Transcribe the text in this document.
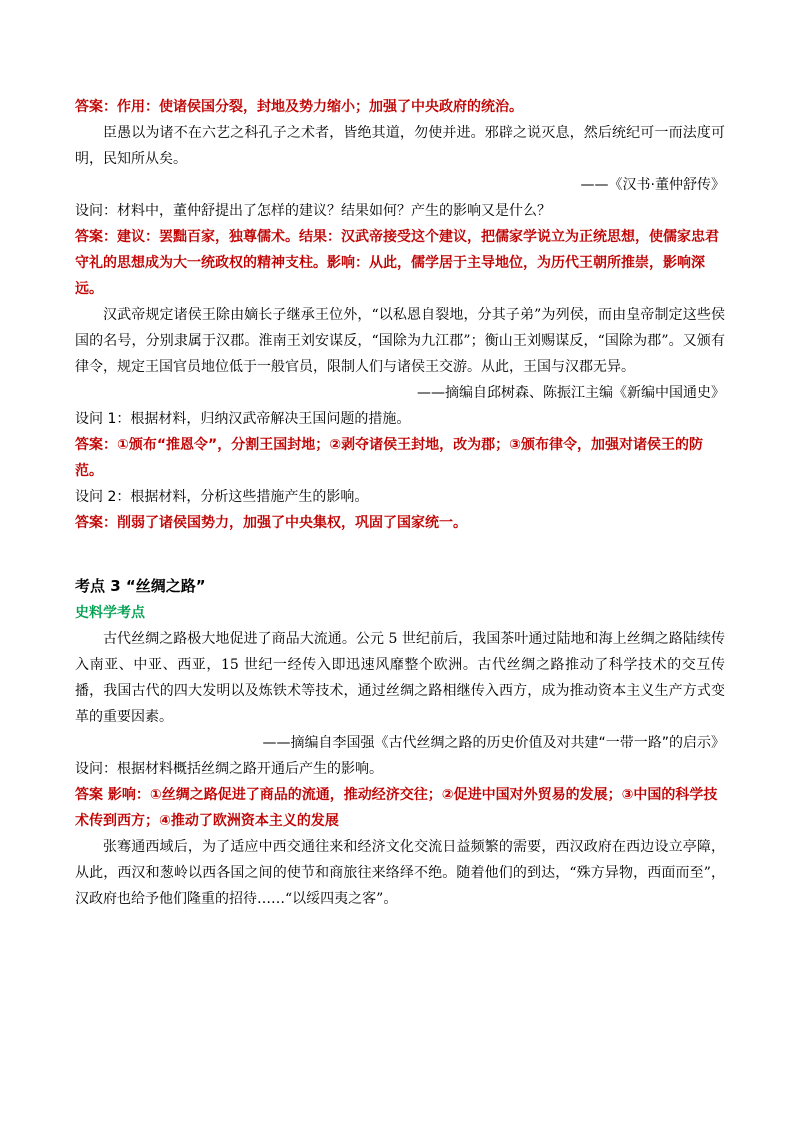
答案：作用：使诸侯国分裂，封地及势力缩小；加强了中央政府的统治。

臣愚以为诸不在六艺之科孔子之术者，皆绝其道，勿使并进。邪辟之说灭息，然后统纪可一而法度可明，民知所从矣。

——《汉书·董仲舒传》

设问：材料中，董仲舒提出了怎样的建议？结果如何？产生的影响又是什么？

答案：建议：罢黜百家，独尊儒术。结果：汉武帝接受这个建议，把儒家学说立为正统思想，使儒家忠君守礼的思想成为大一统政权的精神支柱。影响：从此，儒学居于主导地位，为历代王朝所推崇，影响深远。

汉武帝规定诸侯王除由嫡长子继承王位外，“以私恩自裂地，分其子弟”为列侯，而由皇帝制定这些侯国的名号，分别隶属于汉郡。淮南王刘安谋反，“国除为九江郡”；衡山王刘赐谋反，“国除为郡”。又颁有律令，规定王国官员地位低于一般官员，限制人们与诸侯王交游。从此，王国与汉郡无异。

——摘编自邱树森、陈振江主编《新编中国通史》

设问 1：根据材料，归纳汉武帝解决王国问题的措施。

答案：①颁布“推恩令”，分割王国封地；②剥夺诸侯王封地，改为郡；③颁布律令，加强对诸侯王的防范。

设问 2：根据材料，分析这些措施产生的影响。

答案：削弱了诸侯国势力，加强了中央集权，巩固了国家统一。

考点 3 “丝绸之路”

史料学考点

古代丝绸之路极大地促进了商品大流通。公元 5 世纪前后，我国茶叶通过陆地和海上丝绸之路陆续传入南亚、中亚、西亚，15 世纪一经传入即迅速风靡整个欧洲。古代丝绸之路推动了科学技术的交互传播，我国古代的四大发明以及炼铁术等技术，通过丝绸之路相继传入西方，成为推动资本主义生产方式变革的重要因素。

——摘编自李国强《古代丝绸之路的历史价值及对共建“一带一路”的启示》

设问：根据材料概括丝绸之路开通后产生的影响。

答案 影响：①丝绸之路促进了商品的流通，推动经济交往；②促进中国对外贸易的发展；③中国的科学技术传到西方；④推动了欧洲资本主义的发展

张骞通西域后，为了适应中西交通往来和经济文化交流日益频繁的需要，西汉政府在西边设立亭障，从此，西汉和葱岭以西各国之间的使节和商旅往来络绎不绝。随着他们的到达，“殊方异物，西面而至”，汉政府也给予他们隆重的招待……“以绥四夷之客”。
